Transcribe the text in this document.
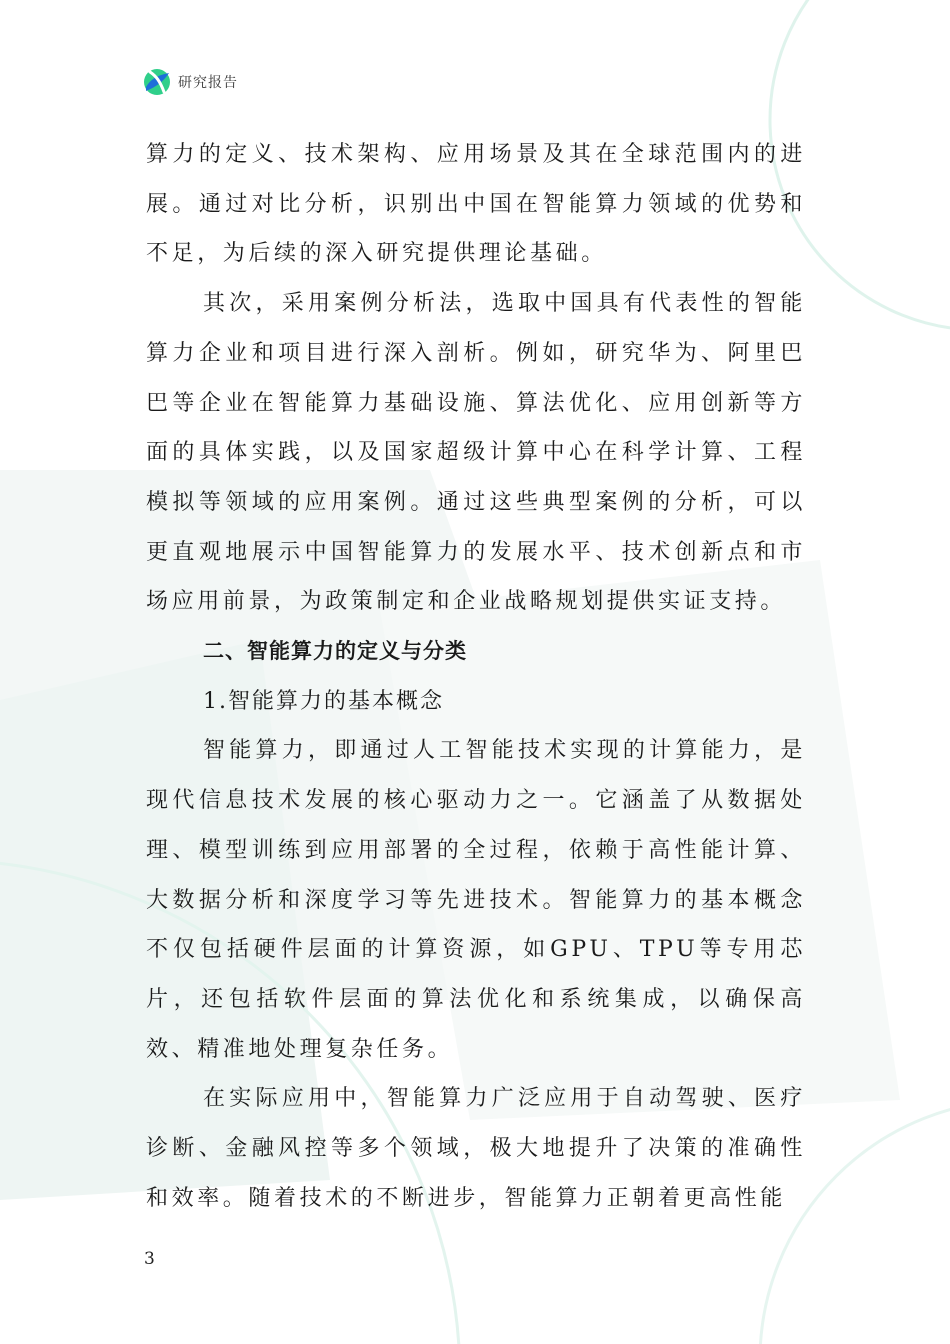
研究报告

算力的定义、技术架构、应用场景及其在全球范围内的进展。通过对比分析，识别出中国在智能算力领域的优势和不足，为后续的深入研究提供理论基础。

其次，采用案例分析法，选取中国具有代表性的智能算力企业和项目进行深入剖析。例如，研究华为、阿里巴巴等企业在智能算力基础设施、算法优化、应用创新等方面的具体实践，以及国家超级计算中心在科学计算、工程模拟等领域的应用案例。通过这些典型案例的分析，可以更直观地展示中国智能算力的发展水平、技术创新点和市场应用前景，为政策制定和企业战略规划提供实证支持。

二、智能算力的定义与分类

1.智能算力的基本概念

智能算力，即通过人工智能技术实现的计算能力，是现代信息技术发展的核心驱动力之一。它涵盖了从数据处理、模型训练到应用部署的全过程，依赖于高性能计算、大数据分析和深度学习等先进技术。智能算力的基本概念不仅包括硬件层面的计算资源，如GPU、TPU等专用芯片，还包括软件层面的算法优化和系统集成，以确保高效、精准地处理复杂任务。

在实际应用中，智能算力广泛应用于自动驾驶、医疗诊断、金融风控等多个领域，极大地提升了决策的准确性和效率。随着技术的不断进步，智能算力正朝着更高性能

3
